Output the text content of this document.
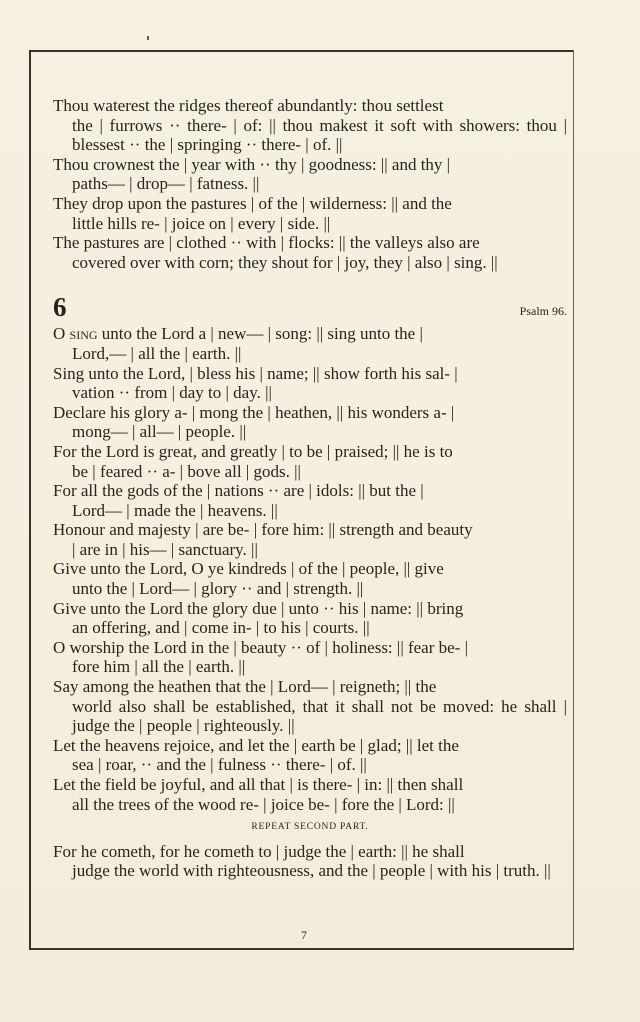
Thou waterest the ridges thereof abundantly: thou settlest
the | furrows ·· there- | of: || thou makest it soft with showers: thou | blessest ·· the | springing ·· there- | of. ||

Thou crownest the | year with ·· thy | goodness: || and thy |
paths— | drop— | fatness. ||

They drop upon the pastures | of the | wilderness: || and the
little hills re- | joice on | every | side. ||

The pastures are | clothed ·· with | flocks: || the valleys also are
covered over with corn; they shout for | joy, they | also | sing. ||

6	Psalm 96.

O sing unto the Lord a | new— | song: || sing unto the |
Lord,— | all the | earth. ||

Sing unto the Lord, | bless his | name; || show forth his sal- |
vation ·· from | day to | day. ||

Declare his glory a- | mong the | heathen, || his wonders a- |
mong— | all— | people. ||

For the Lord is great, and greatly | to be | praised; || he is to
be | feared ·· a- | bove all | gods. ||

For all the gods of the | nations ·· are | idols: || but the |
Lord— | made the | heavens. ||

Honour and majesty | are be- | fore him: || strength and beauty
| are in | his— | sanctuary. ||

Give unto the Lord, O ye kindreds | of the | people, || give
unto the | Lord— | glory ·· and | strength. ||

Give unto the Lord the glory due | unto ·· his | name: || bring
an offering, and | come in- | to his | courts. ||

O worship the Lord in the | beauty ·· of | holiness: || fear be- |
fore him | all the | earth. ||

Say among the heathen that the | Lord— | reigneth; || the
world also shall be established, that it shall not be moved: he shall | judge the | people | righteously. ||

Let the heavens rejoice, and let the | earth be | glad; || let the
sea | roar, ·· and the | fulness ·· there- | of. ||

Let the field be joyful, and all that | is there- | in: || then shall
all the trees of the wood re- | joice be- | fore the | Lord: ||

REPEAT SECOND PART.

For he cometh, for he cometh to | judge the | earth: || he shall
judge the world with righteousness, and the | people | with his | truth. ||

7
